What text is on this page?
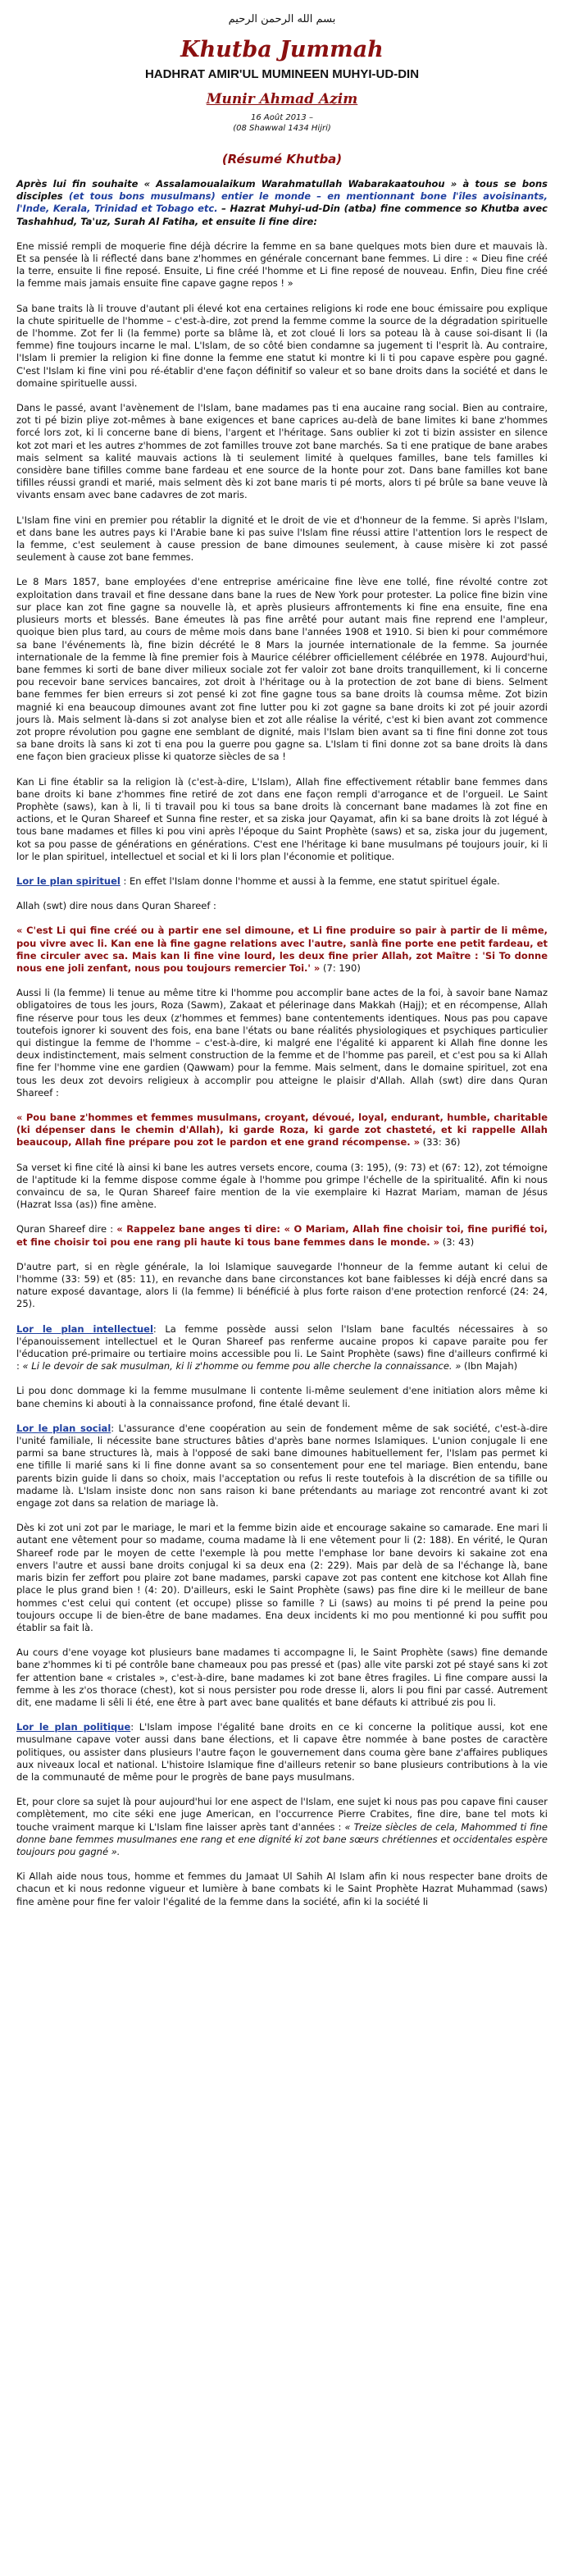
بسم الله الرحمن الرحيم
Khutba Jummah
HADHRAT AMIR'UL MUMINEEN MUHYI-UD-DIN
Munir Ahmad Azim
16 Août 2013 –
(08 Shawwal 1434 Hijri)
(Résumé Khutba)

Après lui fin souhaite « Assalamoualaikum Warahmatullah Wabarakaatouhou » à tous se bons disciples (et tous bons musulmans) entier le monde – en mentionnant bone l'îles avoisinants, l'Inde, Kerala, Trinidad et Tobago etc. – Hazrat Muhyi-ud-Din (atba) fine commence so Khutba avec Tashahhud, Ta'uz, Surah Al Fatiha, et ensuite li fine dire:

Ene missié rempli de moquerie fine déjà décrire la femme en sa bane quelques mots bien dure et mauvais là. Et sa pensée là li réflecté dans bane z'hommes en générale concernant bane femmes. Li dire : « Dieu fine créé la terre, ensuite li fine reposé. Ensuite, Li fine créé l'homme et Li fine reposé de nouveau. Enfin, Dieu fine créé la femme mais jamais ensuite fine capave gagne repos ! »

Sa bane traits là li trouve d'autant pli élevé kot ena certaines religions ki rode ene bouc émissaire pou explique la chute spirituelle de l'homme – c'est-à-dire, zot prend la femme comme la source de la dégradation spirituelle de l'homme. Zot fer li (la femme) porte sa blâme là, et zot cloué li lors sa poteau là à cause soi-disant li (la femme) fine toujours incarne le mal. L'Islam, de so côté bien condamne sa jugement ti l'esprit là. Au contraire, l'Islam li premier la religion ki fine donne la femme ene statut ki montre ki li ti pou capave espère pou gagné. C'est l'Islam ki fine vini pou ré-établir d'ene façon définitif so valeur et so bane droits dans la société et dans le domaine spirituelle aussi.

Dans le passé, avant l'avènement de l'Islam, bane madames pas ti ena aucaine rang social. Bien au contraire, zot ti pé bizin pliye zot-mêmes à bane exigences et bane caprices au-delà de bane limites ki bane z'hommes forcé lors zot, ki li concerne bane di biens, l'argent et l'héritage. Sans oublier ki zot ti bizin assister en silence kot zot mari et les autres z'hommes de zot familles trouve zot bane marchés. Sa ti ene pratique de bane arabes mais selment sa kalité mauvais actions là ti seulement limité à quelques familles, bane tels familles ki considère bane tifilles comme bane fardeau et ene source de la honte pour zot. Dans bane familles kot bane tifilles réussi grandi et marié, mais selment dès ki zot bane maris ti pé morts, alors ti pé brûle sa bane veuve là vivants ensam avec bane cadavres de zot maris.

L'Islam fine vini en premier pou rétablir la dignité et le droit de vie et d'honneur de la femme. Si après l'Islam, et dans bane les autres pays ki l'Arabie bane ki pas suive l'Islam fine réussi attire l'attention lors le respect de la femme, c'est seulement à cause pression de bane dimounes seulement, à cause misère ki zot passé seulement à cause zot bane femmes.

Le 8 Mars 1857, bane employées d'ene entreprise américaine fine lève ene tollé, fine révolté contre zot exploitation dans travail et fine dessane dans bane la rues de New York pour protester. La police fine bizin vine sur place kan zot fine gagne sa nouvelle là, et après plusieurs affrontements ki fine ena ensuite, fine ena plusieurs morts et blessés. Bane émeutes là pas fine arrêté pour autant mais fine reprend ene l'ampleur, quoique bien plus tard, au cours de même mois dans bane l'années 1908 et 1910. Si bien ki pour commémore sa bane l'événements là, fine bizin décrété le 8 Mars la journée internationale de la femme. Sa journée internationale de la femme là fine premier fois à Maurice célébrer officiellement célébrée en 1978. Aujourd'hui, bane femmes ki sorti de bane diver milieux sociale zot fer valoir zot bane droits tranquillement, ki li concerne pou recevoir bane services bancaires, zot droit à l'héritage ou à la protection de zot bane di biens. Selment bane femmes fer bien erreurs si zot pensé ki zot fine gagne tous sa bane droits là coumsa même. Zot bizin magnié ki ena beaucoup dimounes avant zot fine lutter pou ki zot gagne sa bane droits ki zot pé jouir azordi jours là. Mais selment là-dans si zot analyse bien et zot alle réalise la vérité, c'est ki bien avant zot commence zot propre révolution pou gagne ene semblant de dignité, mais l'Islam bien avant sa ti fine fini donne zot tous sa bane droits là sans ki zot ti ena pou la guerre pou gagne sa. L'Islam ti fini donne zot sa bane droits là dans ene façon bien gracieux plisse ki quatorze siècles de sa !

Kan Li fine établir sa la religion là (c'est-à-dire, L'Islam), Allah fine effectivement rétablir bane femmes dans bane droits ki bane z'hommes fine retiré de zot dans ene façon rempli d'arrogance et de l'orgueil. Le Saint Prophète (saws), kan à li, li ti travail pou ki tous sa bane droits là concernant bane madames là zot fine en actions, et le Quran Shareef et Sunna fine rester, et sa ziska jour Qayamat, afin ki sa bane droits là zot légué à tous bane madames et filles ki pou vini après l'époque du Saint Prophète (saws) et sa, ziska jour du jugement, kot sa pou passe de générations en générations. C'est ene l'héritage ki bane musulmans pé toujours jouir, ki li lor le plan spirituel, intellectuel et social et ki li lors plan l'économie et politique.

Lor le plan spirituel : En effet l'Islam donne l'homme et aussi à la femme, ene statut spirituel égale.

Allah (swt) dire nous dans Quran Shareef :

« C'est Li qui fine créé ou à partir ene sel dimoune, et Li fine produire so pair à partir de li même, pou vivre avec li. Kan ene là fine gagne relations avec l'autre, sanlà fine porte ene petit fardeau, et fine circuler avec sa. Mais kan li fine vine lourd, les deux fine prier Allah, zot Maître : 'Si To donne nous ene joli zenfant, nous pou toujours remercier Toi.' » (7: 190)

Aussi li (la femme) li tenue au même titre ki l'homme pou accomplir bane actes de la foi, à savoir bane Namaz obligatoires de tous les jours, Roza (Sawm), Zakaat et pélerinage dans Makkah (Hajj); et en récompense, Allah fine réserve pour tous les deux (z'hommes et femmes) bane contentements identiques. Nous pas pou capave toutefois ignorer ki souvent des fois, ena bane l'états ou bane réalités physiologiques et psychiques particulier qui distingue la femme de l'homme – c'est-à-dire, ki malgré ene l'égalité ki apparent ki Allah fine donne les deux indistinctement, mais selment construction de la femme et de l'homme pas pareil, et c'est pou sa ki Allah fine fer l'homme vine ene gardien (Qawwam) pour la femme. Mais selment, dans le domaine spirituel, zot ena tous les deux zot devoirs religieux à accomplir pou atteigne le plaisir d'Allah. Allah (swt) dire dans Quran Shareef :

« Pou bane z'hommes et femmes musulmans, croyant, dévoué, loyal, endurant, humble, charitable (ki dépenser dans le chemin d'Allah), ki garde Roza, ki garde zot chasteté, et ki rappelle Allah beaucoup, Allah fine prépare pou zot le pardon et ene grand récompense. » (33: 36)

Sa verset ki fine cité là ainsi ki bane les autres versets encore, couma (3: 195), (9: 73) et (67: 12), zot témoigne de l'aptitude ki la femme dispose comme égale à l'homme pou grimpe l'échelle de la spiritualité. Afin ki nous convaincu de sa, le Quran Shareef faire mention de la vie exemplaire ki Hazrat Mariam, maman de Jésus (Hazrat Issa (as)) fine amène.

Quran Shareef dire : « Rappelez bane anges ti dire: « O Mariam, Allah fine choisir toi, fine purifié toi, et fine choisir toi pou ene rang pli haute ki tous bane femmes dans le monde. » (3: 43)

D'autre part, si en règle générale, la loi Islamique sauvegarde l'honneur de la femme autant ki celui de l'homme (33: 59) et (85: 11), en revanche dans bane circonstances kot bane faiblesses ki déjà encré dans sa nature exposé davantage, alors li (la femme) li bénéficié à plus forte raison d'ene protection renforcé (24: 24, 25).

Lor le plan intellectuel: La femme possède aussi selon l'Islam bane facultés nécessaires à so l'épanouissement intellectuel et le Quran Shareef pas renferme aucaine propos ki capave paraite pou fer l'éducation pré-primaire ou tertiaire moins accessible pou li. Le Saint Prophète (saws) fine d'ailleurs confirmé ki : « Li le devoir de sak musulman, ki li z'homme ou femme pou alle cherche la connaissance. » (Ibn Majah)

Li pou donc dommage ki la femme musulmane li contente li-même seulement d'ene initiation alors même ki bane chemins ki abouti à la connaissance profond, fine étalé devant li.

Lor le plan social: L'assurance d'ene coopération au sein de fondement même de sak société, c'est-à-dire l'unité familiale, li nécessite bane structures bâties d'après bane normes Islamiques. L'union conjugale li ene parmi sa bane structures là, mais à l'opposé de saki bane dimounes habituellement fer, l'Islam pas permet ki ene tifille li marié sans ki li fine donne avant sa so consentement pour ene tel mariage. Bien entendu, bane parents bizin guide li dans so choix, mais l'acceptation ou refus li reste toutefois à la discrétion de sa tifille ou madame là. L'Islam insiste donc non sans raison ki bane prétendants au mariage zot rencontré avant ki zot engage zot dans sa relation de mariage là.

Dès ki zot uni zot par le mariage, le mari et la femme bizin aide et encourage sakaine so camarade. Ene mari li autant ene vêtement pour so madame, couma madame là li ene vêtement pour li (2: 188). En vérité, le Quran Shareef rode par le moyen de cette l'exemple là pou mette l'emphase lor bane devoirs ki sakaine zot ena envers l'autre et aussi bane droits conjugal ki sa deux ena (2: 229). Mais par delà de sa l'échange là, bane maris bizin fer zeffort pou plaire zot bane madames, parski capave zot pas content ene kitchose kot Allah fine place le plus grand bien ! (4: 20). D'ailleurs, eski le Saint Prophète (saws) pas fine dire ki le meilleur de bane hommes c'est celui qui content (et occupe) plisse so famille ? Li (saws) au moins ti pé prend la peine pou toujours occupe li de bien-être de bane madames. Ena deux incidents ki mo pou mentionné ki pou suffit pou établir sa fait là.

Au cours d'ene voyage kot plusieurs bane madames ti accompagne li, le Saint Prophète (saws) fine demande bane z'hommes ki ti pé contrôle bane chameaux pou pas pressé et (pas) alle vite parski zot pé stayé sans ki zot fer attention bane « cristales », c'est-à-dire, bane madames ki zot bane êtres fragiles. Li fine compare aussi la femme à les z'os thorace (chest), kot si nous persister pou rode dresse li, alors li pou fini par cassé. Autrement dit, ene madame li sêli li été, ene être à part avec bane qualités et bane défauts ki attribué zis pou li.

Lor le plan politique: L'Islam impose l'égalité bane droits en ce ki concerne la politique aussi, kot ene musulmane capave voter aussi dans bane élections, et li capave être nommée à bane postes de caractère politiques, ou assister dans plusieurs l'autre façon le gouvernement dans couma gère bane z'affaires publiques aux niveaux local et national. L'histoire Islamique fine d'ailleurs retenir so bane plusieurs contributions à la vie de la communauté de même pour le progrès de bane pays musulmans.

Et, pour clore sa sujet là pour aujourd'hui lor ene aspect de l'Islam, ene sujet ki nous pas pou capave fini causer complètement, mo cite séki ene juge American, en l'occurrence Pierre Crabites, fine dire, bane tel mots ki touche vraiment marque ki L'Islam fine laisser après tant d'années : « Treize siècles de cela, Mahommed ti fine donne bane femmes musulmanes ene rang et ene dignité ki zot bane sœurs chrétiennes et occidentales espère toujours pou gagné ».

Ki Allah aide nous tous, homme et femmes du Jamaat Ul Sahih Al Islam afin ki nous respecter bane droits de chacun et ki nous redonne vigueur et lumière à bane combats ki le Saint Prophète Hazrat Muhammad (saws) fine amène pour fine fer valoir l'égalité de la femme dans la société, afin ki la société li
